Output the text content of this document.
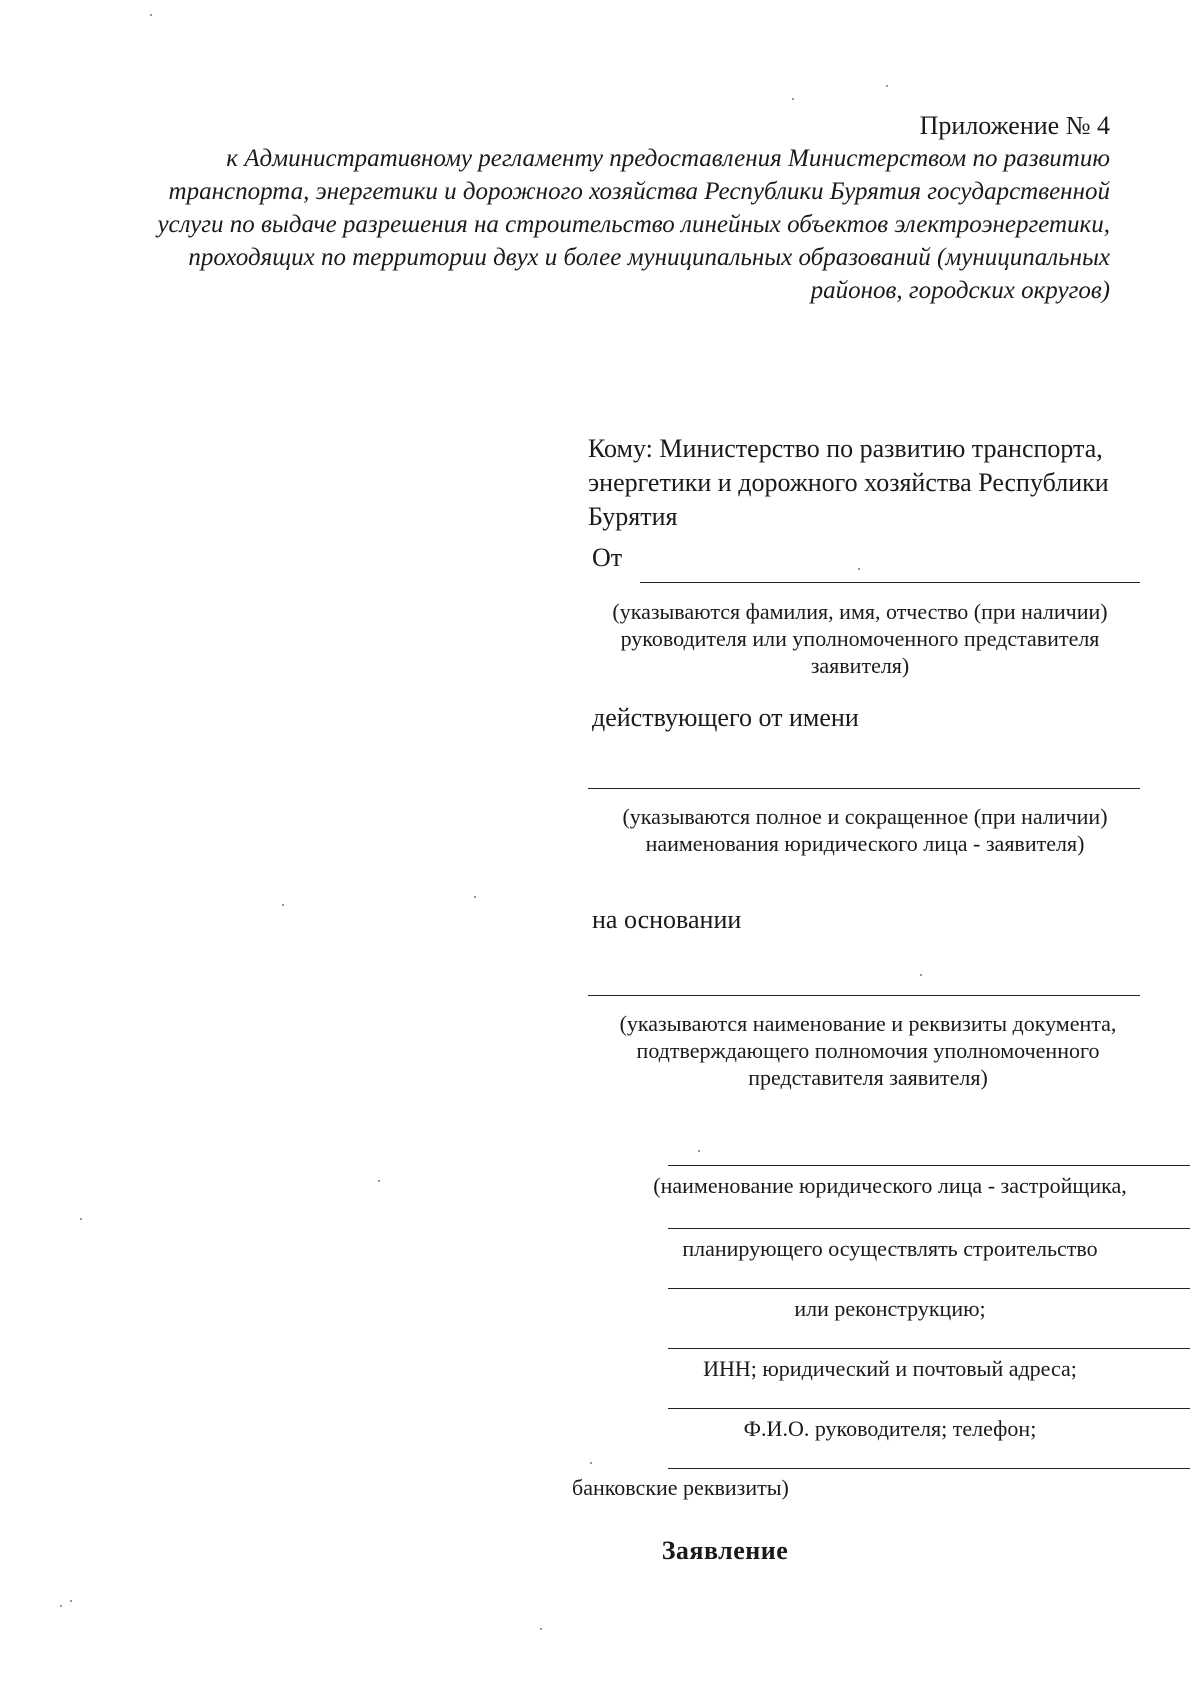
Приложение № 4
к Административному регламенту предоставления Министерством по развитию транспорта, энергетики и дорожного хозяйства Республики Бурятия государственной услуги по выдаче разрешения на строительство линейных объектов электроэнергетики, проходящих по территории двух и более муниципальных образований (муниципальных районов, городских округов)
Кому: Министерство по развитию транспорта, энергетики и дорожного хозяйства Республики Бурятия
От
(указываются фамилия, имя, отчество (при наличии) руководителя или уполномоченного представителя заявителя)
действующего от имени
(указываются полное и сокращенное (при наличии) наименования юридического лица - заявителя)
на основании
(указываются наименование и реквизиты документа, подтверждающего полномочия уполномоченного представителя заявителя)
(наименование юридического лица - застройщика,
планирующего осуществлять строительство
или реконструкцию;
ИНН; юридический и почтовый адреса;
Ф.И.О. руководителя; телефон;
банковские реквизиты)
Заявление
